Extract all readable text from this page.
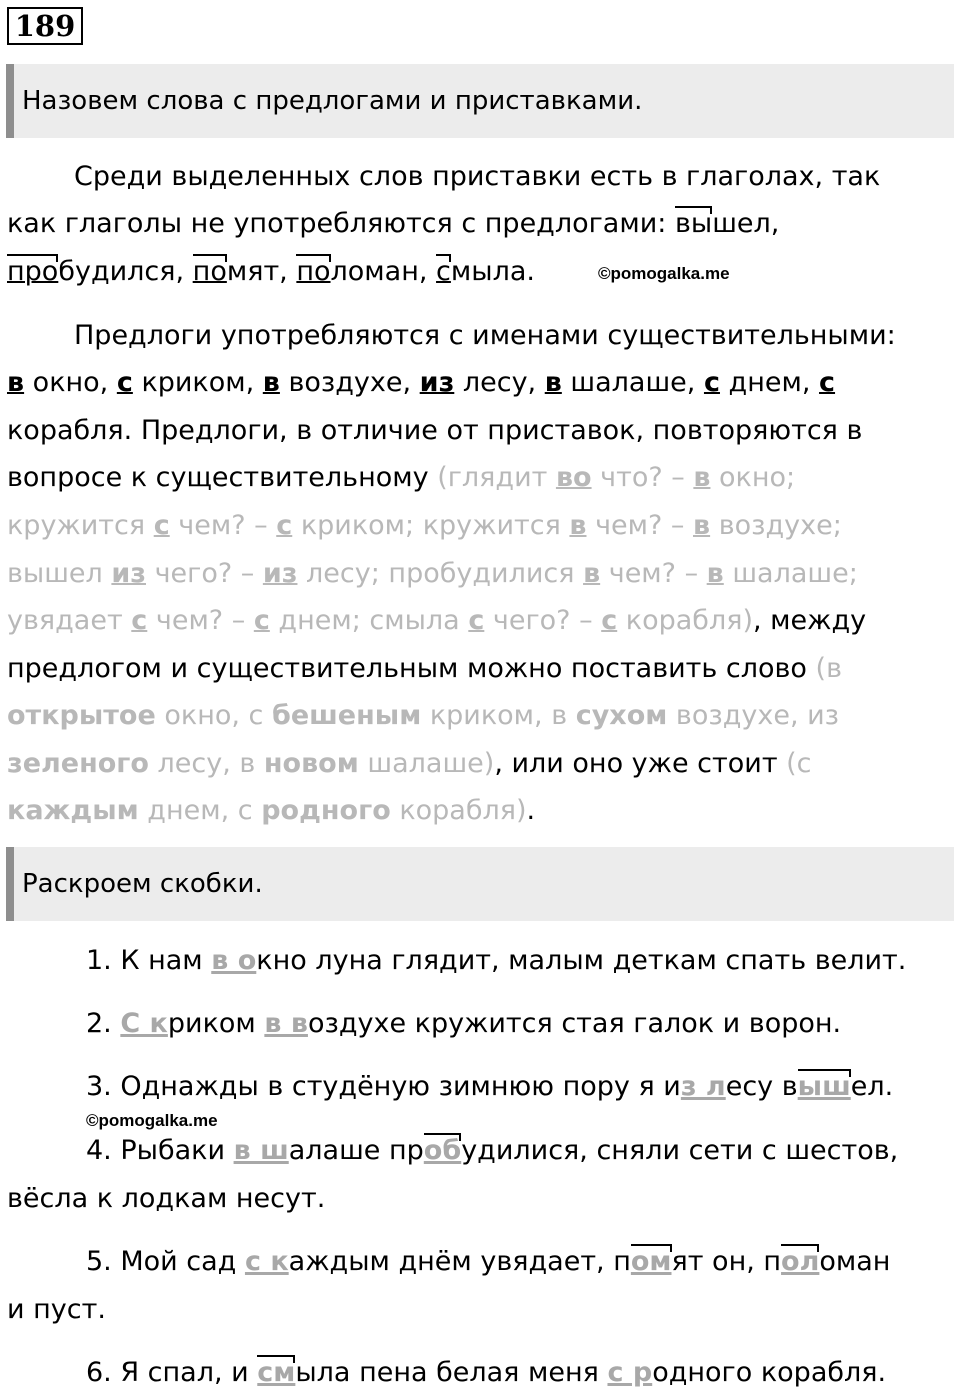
189
Назовем слова с предлогами и приставками.
Среди выделенных слов приставки есть в глаголах, так
как глаголы не употребляются с предлогами: вышел,
пробудился, помят, поломан, смыла.	©pomogalka.me
Предлоги употребляются с именами существительными:
в окно, с криком, в воздухе, из лесу, в шалаше, с днем, с
корабля. Предлоги, в отличие от приставок, повторяются в
вопросе к существительному (глядит во что? – в окно;
кружится с чем? – с криком; кружится в чем? – в воздухе;
вышел из чего? – из лесу; пробудилися в чем? – в шалаше;
увядает с чем? – с днем; смыла с чего? – с корабля), между
предлогом и существительным можно поставить слово (в
открытое окно, с бешеным криком, в сухом воздухе, из
зеленого лесу, в новом шалаше), или оно уже стоит (с
каждым днем, с родного корабля).
Раскроем скобки.
1. К нам в окно луна глядит, малым деткам спать велит.
2. С криком в воздухе кружится стая галок и ворон.
3. Однажды в студёную зимнюю пору я из лесу вышел.
©pomogalka.me
4. Рыбаки в шалаше пробудилися, сняли сети с шестов,
вёсла к лодкам несут.
5. Мой сад с каждым днём увядает, помят он, поломан
и пуст.
6. Я спал, и смыла пена белая меня с родного корабля.
